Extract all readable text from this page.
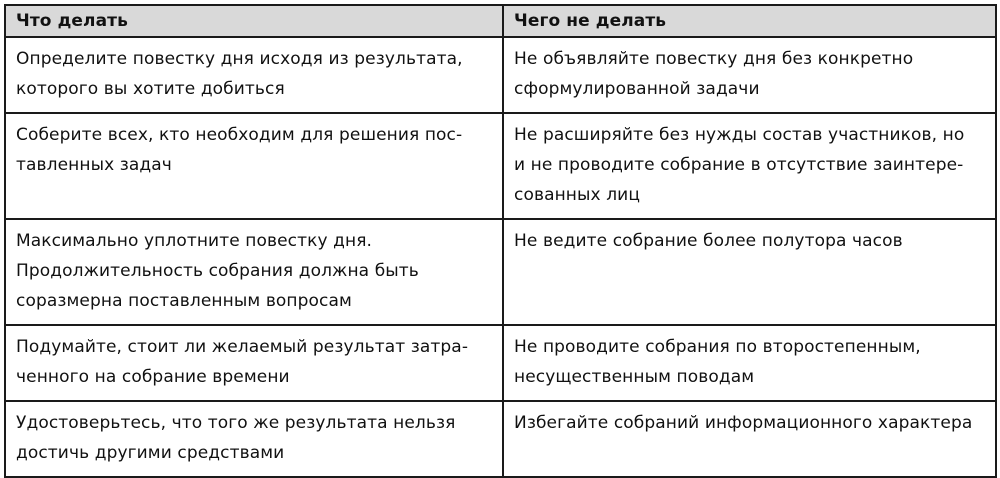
Что делать	Чего не делать

Определите повестку дня исходя из результата,
которого вы хотите добиться	Не объявляйте повестку дня без конкретно
сформулированной задачи

Соберите всех, кто необходим для решения пос-
тавленных задач	Не расширяйте без нужды состав участников, но
и не проводите собрание в отсутствие заинтере-
сованных лиц

Максимально уплотните повестку дня.
Продолжительность собрания должна быть
соразмерна поставленным вопросам	Не ведите собрание более полутора часов

Подумайте, стоит ли желаемый результат затра-
ченного на собрание времени	Не проводите собрания по второстепенным,
несущественным поводам

Удостоверьтесь, что того же результата нельзя
достичь другими средствами	Избегайте собраний информационного характера
